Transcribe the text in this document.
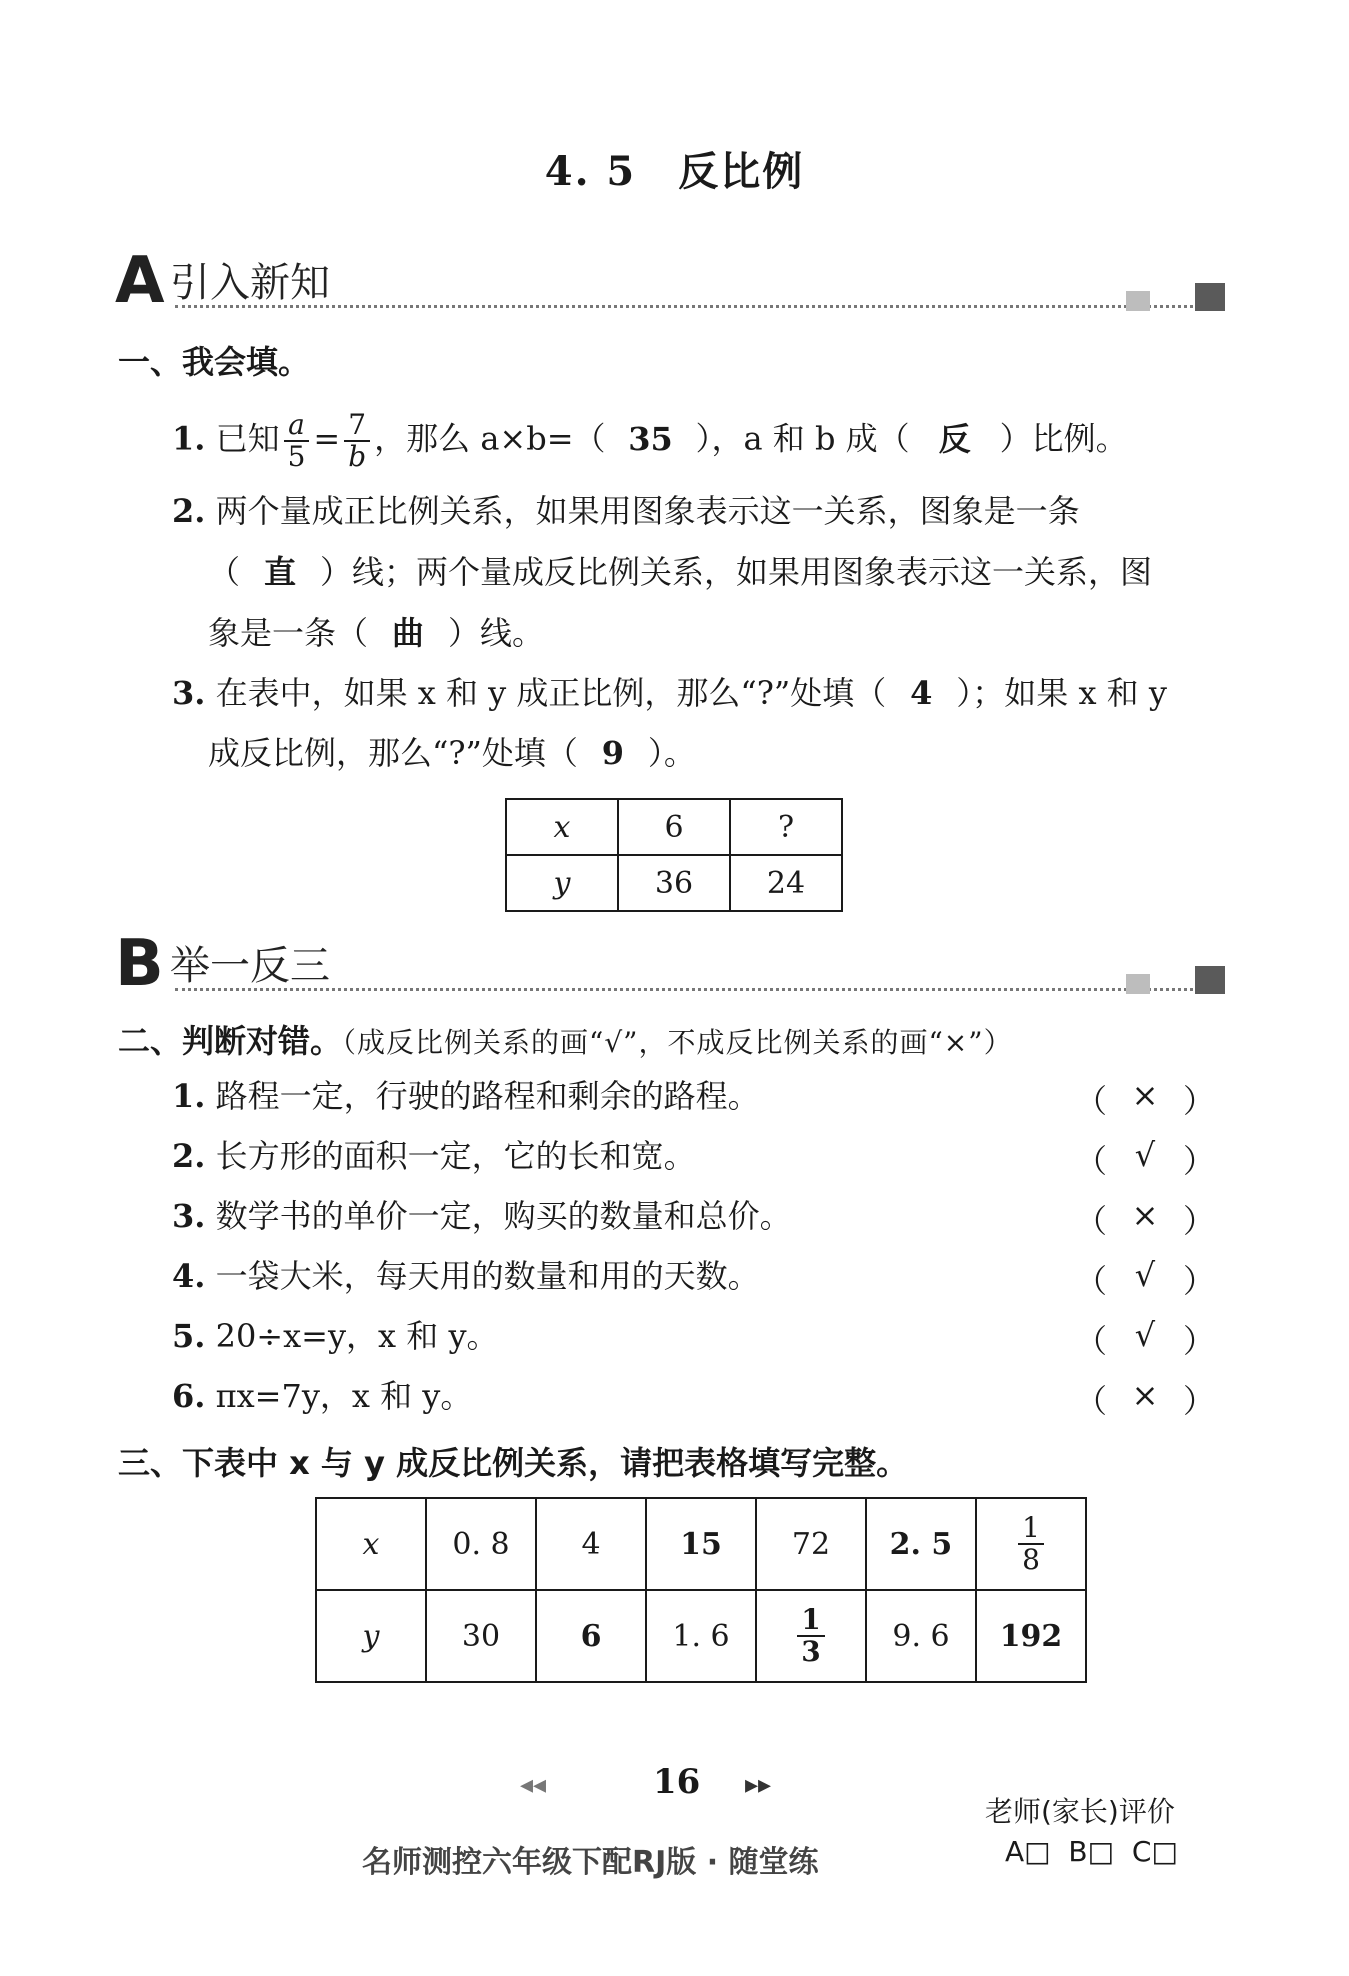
4. 5　反比例
A 引入新知
一、我会填。
1. 已知 $\frac{a}{5} = \frac{7}{b}$ ，那么 a×b=（ 35 ），a 和 b 成（ 反 ）比例。
2. 两个量成正比例关系，如果用图象表示这一关系，图象是一条
（ 直 ）线；两个量成反比例关系，如果用图象表示这一关系，图
象是一条（ 曲 ）线。
3. 在表中，如果 x 和 y 成正比例，那么“?”处填（ 4 ）；如果 x 和 y
成反比例，那么“?”处填（ 9 ）。
x	6	?
y	36	24
B 举一反三
二、判断对错。（成反比例关系的画“√”，不成反比例关系的画“×”）
1. 路程一定，行驶的路程和剩余的路程。	（ × ）
2. 长方形的面积一定，它的长和宽。	（ √ ）
3. 数学书的单价一定，购买的数量和总价。	（ × ）
4. 一袋大米，每天用的数量和用的天数。	（ √ ）
5. 20÷x=y，x 和 y。	（ √ ）
6. πx=7y，x 和 y。	（ × ）
三、下表中 x 与 y 成反比例关系，请把表格填写完整。
x	0. 8	4	15	72	2. 5	$\frac{1}{8}$

y	30	6	1. 6	$\frac{1}{3}$	9. 6	192
◂◂	16 ▸▸
名师测控六年级下配RJ版 · 随堂练
老师(家长)评价
A□ B□ C□
